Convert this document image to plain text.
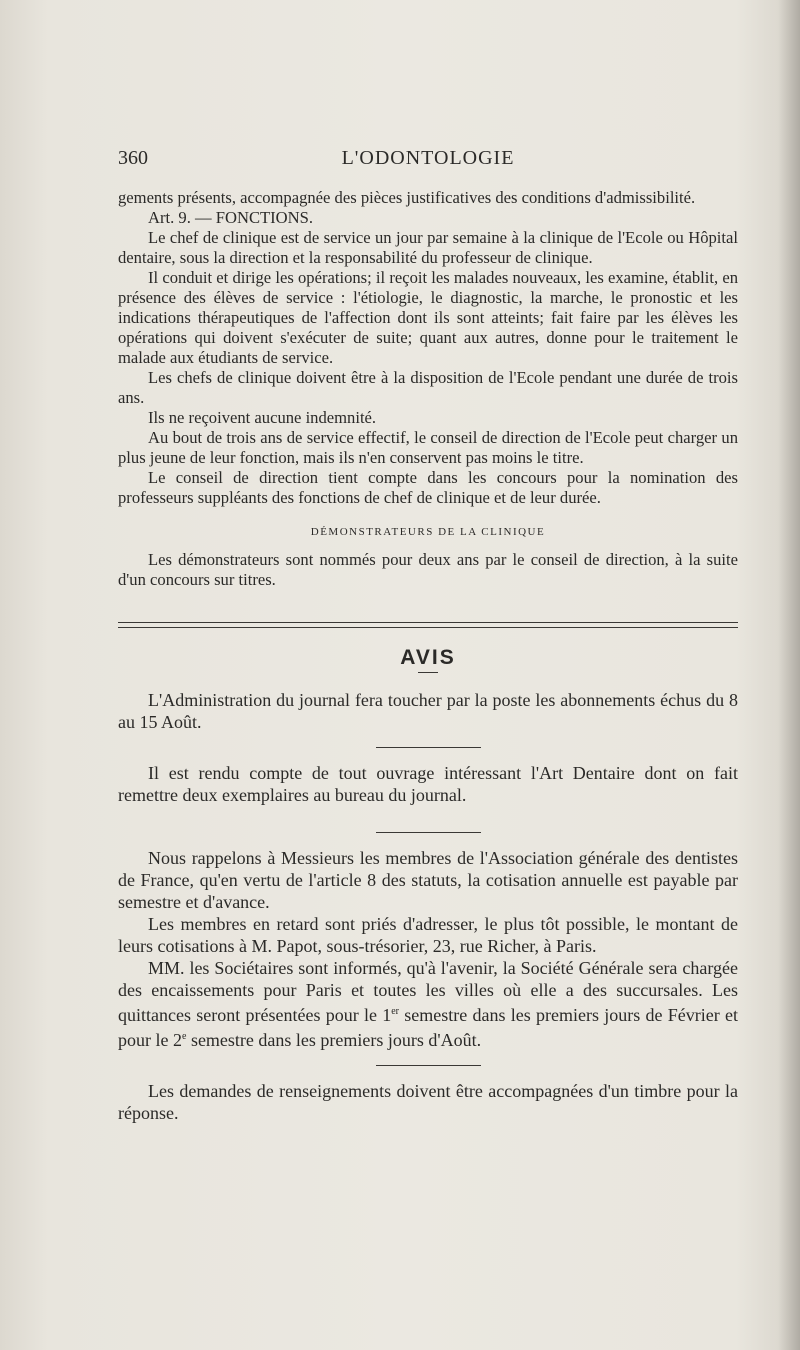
360	L'ODONTOLOGIE

gements présents, accompagnée des pièces justificatives des conditions d'admissibilité.

Art. 9. — FONCTIONS.

Le chef de clinique est de service un jour par semaine à la clinique de l'Ecole ou Hôpital dentaire, sous la direction et la responsabilité du professeur de clinique.

Il conduit et dirige les opérations; il reçoit les malades nouveaux, les examine, établit, en présence des élèves de service : l'étiologie, le diagnostic, la marche, le pronostic et les indications thérapeutiques de l'affection dont ils sont atteints; fait faire par les élèves les opérations qui doivent s'exécuter de suite; quant aux autres, donne pour le traitement le malade aux étudiants de service.

Les chefs de clinique doivent être à la disposition de l'Ecole pendant une durée de trois ans.

Ils ne reçoivent aucune indemnité.

Au bout de trois ans de service effectif, le conseil de direction de l'Ecole peut charger un plus jeune de leur fonction, mais ils n'en conservent pas moins le titre.

Le conseil de direction tient compte dans les concours pour la nomination des professeurs suppléants des fonctions de chef de clinique et de leur durée.

DÉMONSTRATEURS DE LA CLINIQUE

Les démonstrateurs sont nommés pour deux ans par le conseil de direction, à la suite d'un concours sur titres.

AVIS

L'Administration du journal fera toucher par la poste les abonnements échus du 8 au 15 Août.

Il est rendu compte de tout ouvrage intéressant l'Art Dentaire dont on fait remettre deux exemplaires au bureau du journal.

Nous rappelons à Messieurs les membres de l'Association générale des dentistes de France, qu'en vertu de l'article 8 des statuts, la cotisation annuelle est payable par semestre et d'avance.

Les membres en retard sont priés d'adresser, le plus tôt possible, le montant de leurs cotisations à M. Papot, sous-trésorier, 23, rue Richer, à Paris.

MM. les Sociétaires sont informés, qu'à l'avenir, la Société Générale sera chargée des encaissements pour Paris et toutes les villes où elle a des succursales. Les quittances seront présentées pour le 1er semestre dans les premiers jours de Février et pour le 2e semestre dans les premiers jours d'Août.

Les demandes de renseignements doivent être accompagnées d'un timbre pour la réponse.
